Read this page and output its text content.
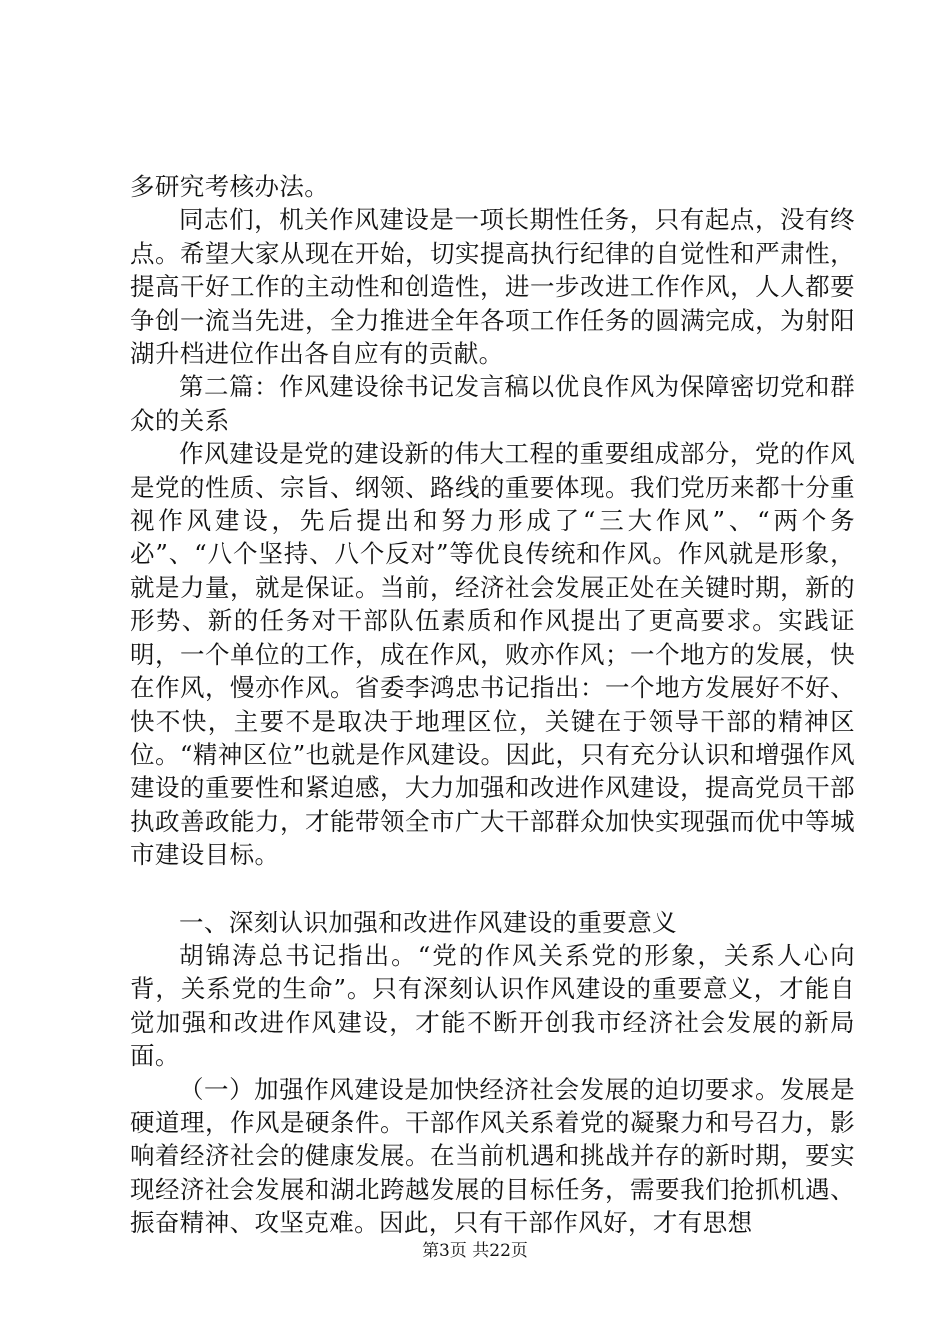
多研究考核办法。

同志们，机关作风建设是一项长期性任务，只有起点，没有终点。希望大家从现在开始，切实提高执行纪律的自觉性和严肃性，提高干好工作的主动性和创造性，进一步改进工作作风，人人都要争创一流当先进，全力推进全年各项工作任务的圆满完成，为射阳湖升档进位作出各自应有的贡献。

第二篇：作风建设徐书记发言稿以优良作风为保障密切党和群众的关系

作风建设是党的建设新的伟大工程的重要组成部分，党的作风是党的性质、宗旨、纲领、路线的重要体现。我们党历来都十分重视作风建设，先后提出和努力形成了“三大作风”、“两个务必”、“八个坚持、八个反对”等优良传统和作风。作风就是形象，就是力量，就是保证。当前，经济社会发展正处在关键时期，新的形势、新的任务对干部队伍素质和作风提出了更高要求。实践证明，一个单位的工作，成在作风，败亦作风；一个地方的发展，快在作风，慢亦作风。省委李鸿忠书记指出：一个地方发展好不好、快不快，主要不是取决于地理区位，关键在于领导干部的精神区位。“精神区位”也就是作风建设。因此，只有充分认识和增强作风建设的重要性和紧迫感，大力加强和改进作风建设，提高党员干部执政善政能力，才能带领全市广大干部群众加快实现强而优中等城市建设目标。

一、深刻认识加强和改进作风建设的重要意义

胡锦涛总书记指出。“党的作风关系党的形象，关系人心向背，关系党的生命”。只有深刻认识作风建设的重要意义，才能自觉加强和改进作风建设，才能不断开创我市经济社会发展的新局面。

（一）加强作风建设是加快经济社会发展的迫切要求。发展是硬道理，作风是硬条件。干部作风关系着党的凝聚力和号召力，影响着经济社会的健康发展。在当前机遇和挑战并存的新时期，要实现经济社会发展和湖北跨越发展的目标任务，需要我们抢抓机遇、振奋精神、攻坚克难。因此，只有干部作风好，才有思想

第3页 共22页
